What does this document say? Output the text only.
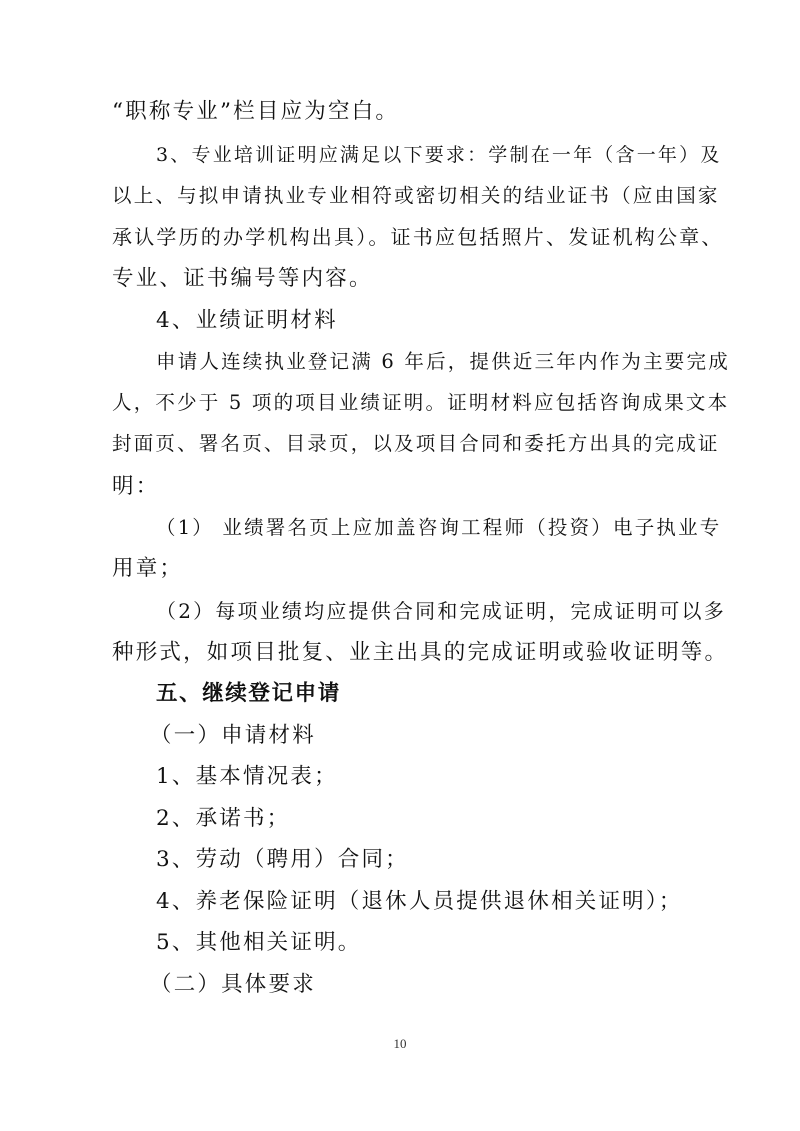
“职称专业”栏目应为空白。
3、专业培训证明应满足以下要求：学制在一年（含一年）及
以上、与拟申请执业专业相符或密切相关的结业证书（应由国家
承认学历的办学机构出具）。证书应包括照片、发证机构公章、
专业、证书编号等内容。
4、业绩证明材料
申请人连续执业登记满 6 年后，提供近三年内作为主要完成
人，不少于 5 项的项目业绩证明。证明材料应包括咨询成果文本
封面页、署名页、目录页，以及项目合同和委托方出具的完成证
明：
（1） 业绩署名页上应加盖咨询工程师（投资）电子执业专
用章；
（2）每项业绩均应提供合同和完成证明，完成证明可以多
种形式，如项目批复、业主出具的完成证明或验收证明等。
五、继续登记申请
（一）申请材料
1、基本情况表；
2、承诺书；
3、劳动（聘用）合同；
4、养老保险证明（退休人员提供退休相关证明）；
5、其他相关证明。
（二）具体要求
10
